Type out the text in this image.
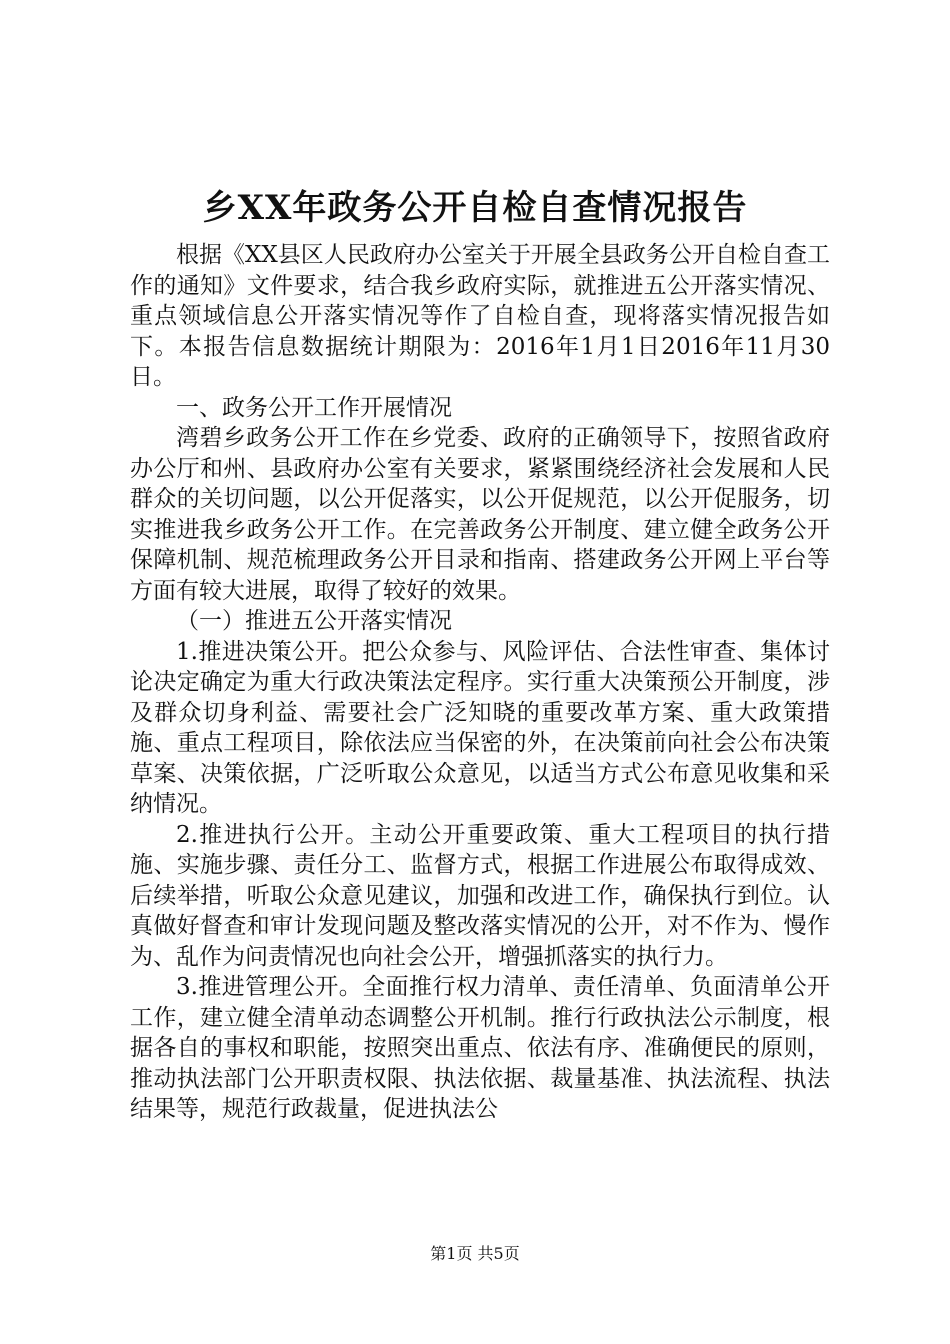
乡XX年政务公开自检自查情况报告

根据《XX县区人民政府办公室关于开展全县政务公开自检自查工作的通知》文件要求，结合我乡政府实际，就推进五公开落实情况、重点领域信息公开落实情况等作了自检自查，现将落实情况报告如下。本报告信息数据统计期限为：2016年1月1日2016年11月30日。

一、政务公开工作开展情况

湾碧乡政务公开工作在乡党委、政府的正确领导下，按照省政府办公厅和州、县政府办公室有关要求，紧紧围绕经济社会发展和人民群众的关切问题，以公开促落实，以公开促规范，以公开促服务，切实推进我乡政务公开工作。在完善政务公开制度、建立健全政务公开保障机制、规范梳理政务公开目录和指南、搭建政务公开网上平台等方面有较大进展，取得了较好的效果。

（一）推进五公开落实情况

1.推进决策公开。把公众参与、风险评估、合法性审查、集体讨论决定确定为重大行政决策法定程序。实行重大决策预公开制度，涉及群众切身利益、需要社会广泛知晓的重要改革方案、重大政策措施、重点工程项目，除依法应当保密的外，在决策前向社会公布决策草案、决策依据，广泛听取公众意见，以适当方式公布意见收集和采纳情况。

2.推进执行公开。主动公开重要政策、重大工程项目的执行措施、实施步骤、责任分工、监督方式，根据工作进展公布取得成效、后续举措，听取公众意见建议，加强和改进工作，确保执行到位。认真做好督查和审计发现问题及整改落实情况的公开，对不作为、慢作为、乱作为问责情况也向社会公开，增强抓落实的执行力。

3.推进管理公开。全面推行权力清单、责任清单、负面清单公开工作，建立健全清单动态调整公开机制。推行行政执法公示制度，根据各自的事权和职能，按照突出重点、依法有序、准确便民的原则，推动执法部门公开职责权限、执法依据、裁量基准、执法流程、执法结果等，规范行政裁量，促进执法公

第1页 共5页
